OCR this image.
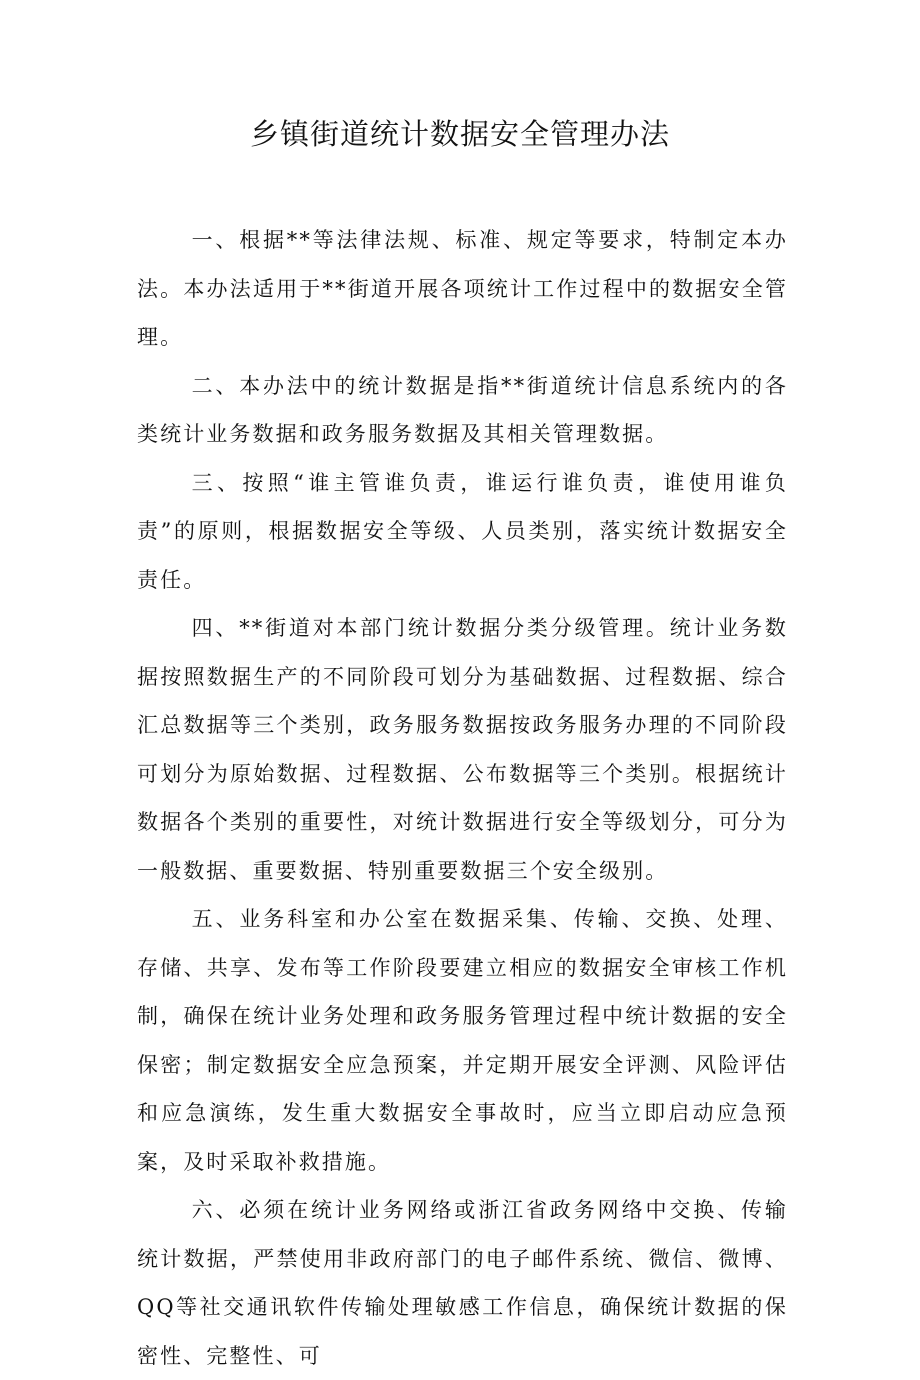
乡镇街道统计数据安全管理办法

一、根据**等法律法规、标准、规定等要求，特制定本办法。本办法适用于**街道开展各项统计工作过程中的数据安全管理。

二、本办法中的统计数据是指**街道统计信息系统内的各类统计业务数据和政务服务数据及其相关管理数据。

三、按照“谁主管谁负责，谁运行谁负责，谁使用谁负责”的原则，根据数据安全等级、人员类别，落实统计数据安全责任。

四、**街道对本部门统计数据分类分级管理。统计业务数据按照数据生产的不同阶段可划分为基础数据、过程数据、综合汇总数据等三个类别，政务服务数据按政务服务办理的不同阶段可划分为原始数据、过程数据、公布数据等三个类别。根据统计数据各个类别的重要性，对统计数据进行安全等级划分，可分为一般数据、重要数据、特别重要数据三个安全级别。

五、业务科室和办公室在数据采集、传输、交换、处理、存储、共享、发布等工作阶段要建立相应的数据安全审核工作机制，确保在统计业务处理和政务服务管理过程中统计数据的安全保密；制定数据安全应急预案，并定期开展安全评测、风险评估和应急演练，发生重大数据安全事故时，应当立即启动应急预案，及时采取补救措施。

六、必须在统计业务网络或浙江省政务网络中交换、传输统计数据，严禁使用非政府部门的电子邮件系统、微信、微博、QQ等社交通讯软件传输处理敏感工作信息，确保统计数据的保密性、完整性、可
